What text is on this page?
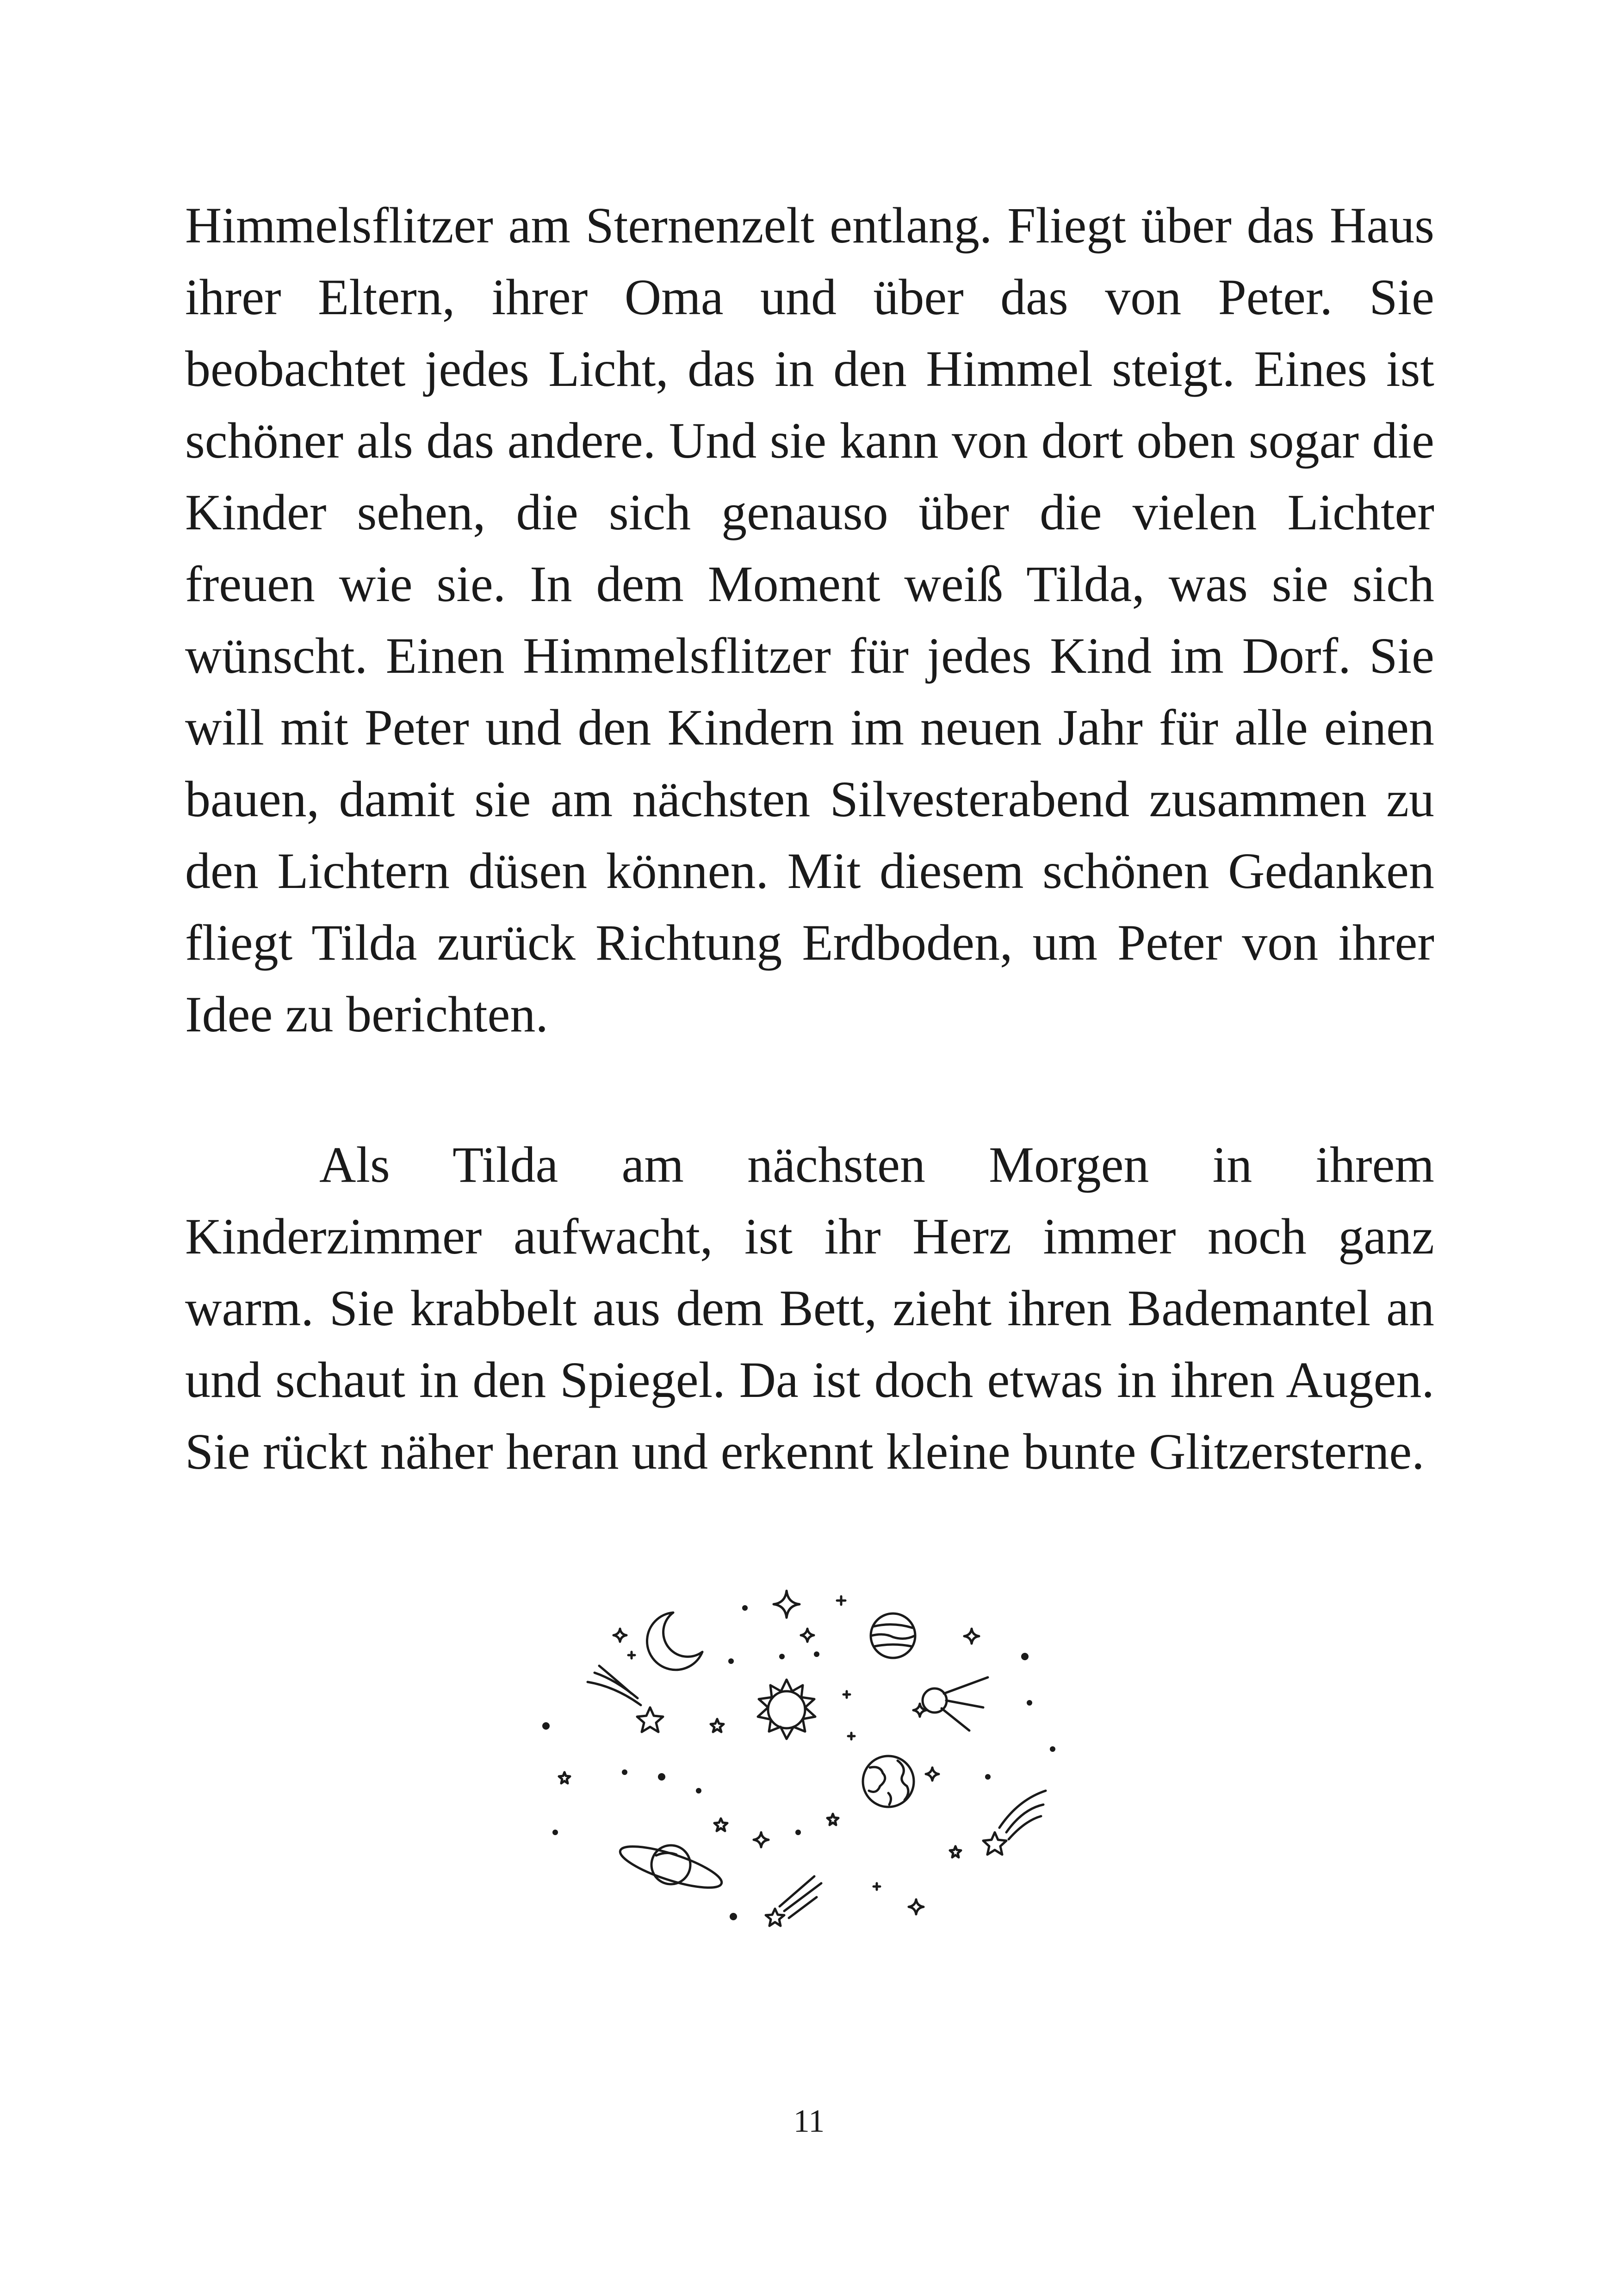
Himmelsflitzer am Sternenzelt entlang. Fliegt über das Haus ihrer Eltern, ihrer Oma und über das von Peter. Sie beobachtet jedes Licht, das in den Himmel steigt. Eines ist schöner als das andere. Und sie kann von dort oben sogar die Kinder sehen, die sich genauso über die vielen Lichter freuen wie sie. In dem Moment weiß Tilda, was sie sich wünscht. Einen Himmelsflitzer für jedes Kind im Dorf. Sie will mit Peter und den Kindern im neuen Jahr für alle einen bauen, damit sie am nächsten Silvesterabend zusammen zu den Lichtern düsen können. Mit diesem schönen Gedanken fliegt Tilda zurück Richtung Erdboden, um Peter von ihrer Idee zu berichten.

Als Tilda am nächsten Morgen in ihrem Kinderzimmer aufwacht, ist ihr Herz immer noch ganz warm. Sie krabbelt aus dem Bett, zieht ihren Bademantel an und schaut in den Spiegel. Da ist doch etwas in ihren Augen. Sie rückt näher heran und erkennt kleine bunte Glitzersterne.

11
